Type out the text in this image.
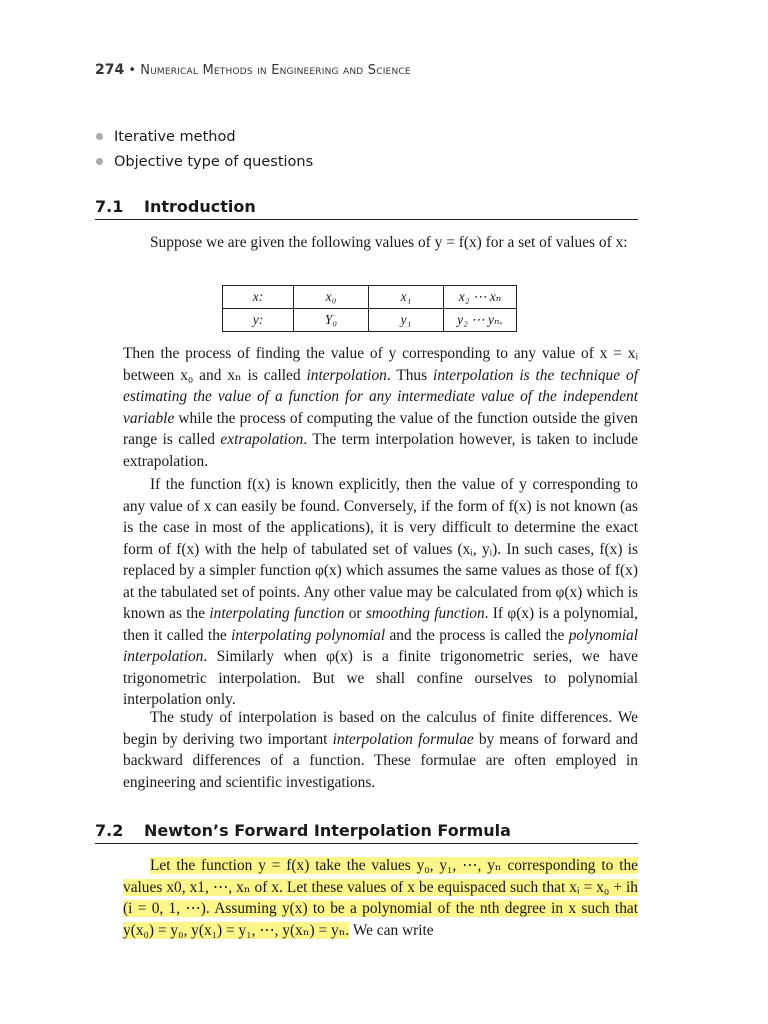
274 • Numerical Methods in Engineering and Science
Iterative method
Objective type of questions
7.1 Introduction
Suppose we are given the following values of y = f(x) for a set of values of x:
x:	x₀	x₁	x₂ ⋯ xₙ
y:	Y₀	y₁	y₂ ⋯ yₙ.
Then the process of finding the value of y corresponding to any value of x = xᵢ between x₀ and xₙ is called interpolation. Thus interpolation is the technique of estimating the value of a function for any intermediate value of the independent variable while the process of computing the value of the function outside the given range is called extrapolation. The term interpolation however, is taken to include extrapolation.
If the function f(x) is known explicitly, then the value of y corresponding to any value of x can easily be found. Conversely, if the form of f(x) is not known (as is the case in most of the applications), it is very difficult to determine the exact form of f(x) with the help of tabulated set of values (xᵢ, yᵢ). In such cases, f(x) is replaced by a simpler function φ(x) which assumes the same values as those of f(x) at the tabulated set of points. Any other value may be calculated from φ(x) which is known as the interpolating function or smoothing function. If φ(x) is a polynomial, then it called the interpolating polynomial and the process is called the polynomial interpolation. Similarly when φ(x) is a finite trigonometric series, we have trigonometric interpolation. But we shall confine ourselves to polynomial interpolation only.
The study of interpolation is based on the calculus of finite differences. We begin by deriving two important interpolation formulae by means of forward and backward differences of a function. These formulae are often employed in engineering and scientific investigations.
7.2 Newton’s Forward Interpolation Formula
Let the function y = f(x) take the values y₀, y₁, ⋯, yₙ corresponding to the values x0, x1, ⋯, xₙ of x. Let these values of x be equispaced such that xᵢ = x₀ + ih (i = 0, 1, ⋯). Assuming y(x) to be a polynomial of the nth degree in x such that y(x₀) = y₀, y(x₁) = y₁, ⋯, y(xₙ) = yₙ. We can write
